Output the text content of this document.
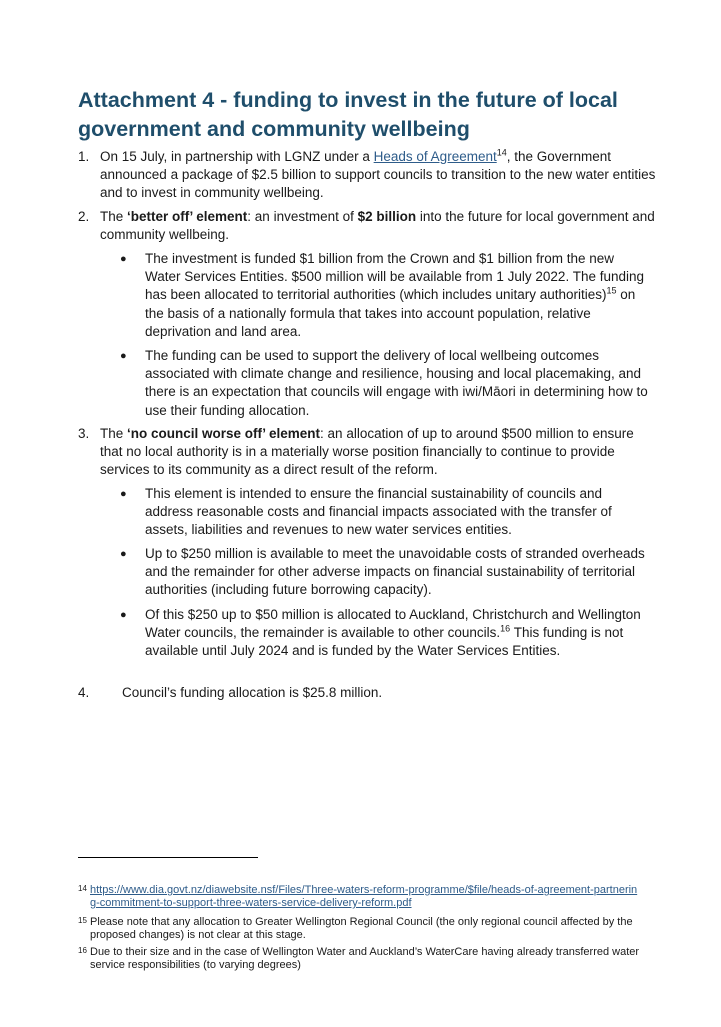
Attachment 4 - funding to invest in the future of local government and community wellbeing
1. On 15 July, in partnership with LGNZ under a Heads of Agreement$^{14}$, the Government announced a package of $2.5 billion to support councils to transition to the new water entities and to invest in community wellbeing.
2. The ‘better off’ element: an investment of $2 billion into the future for local government and community wellbeing.
● The investment is funded $1 billion from the Crown and $1 billion from the new Water Services Entities. $500 million will be available from 1 July 2022. The funding has been allocated to territorial authorities (which includes unitary authorities)$^{15}$ on the basis of a nationally formula that takes into account population, relative deprivation and land area.
● The funding can be used to support the delivery of local wellbeing outcomes associated with climate change and resilience, housing and local placemaking, and there is an expectation that councils will engage with iwi/Māori in determining how to use their funding allocation.
3. The ‘no council worse off’ element: an allocation of up to around $500 million to ensure that no local authority is in a materially worse position financially to continue to provide services to its community as a direct result of the reform.
● This element is intended to ensure the financial sustainability of councils and address reasonable costs and financial impacts associated with the transfer of assets, liabilities and revenues to new water services entities.
● Up to $250 million is available to meet the unavoidable costs of stranded overheads and the remainder for other adverse impacts on financial sustainability of territorial authorities (including future borrowing capacity).
● Of this $250 up to $50 million is allocated to Auckland, Christchurch and Wellington Water councils, the remainder is available to other councils.$^{16}$ This funding is not available until July 2024 and is funded by the Water Services Entities.
4. Council’s funding allocation is $25.8 million.
14 https://www.dia.govt.nz/diawebsite.nsf/Files/Three-waters-reform-programme/$file/heads-of-agreement-partnering-commitment-to-support-three-waters-service-delivery-reform.pdf
15 Please note that any allocation to Greater Wellington Regional Council (the only regional council affected by the proposed changes) is not clear at this stage.
16 Due to their size and in the case of Wellington Water and Auckland’s WaterCare having already transferred water service responsibilities (to varying degrees)
